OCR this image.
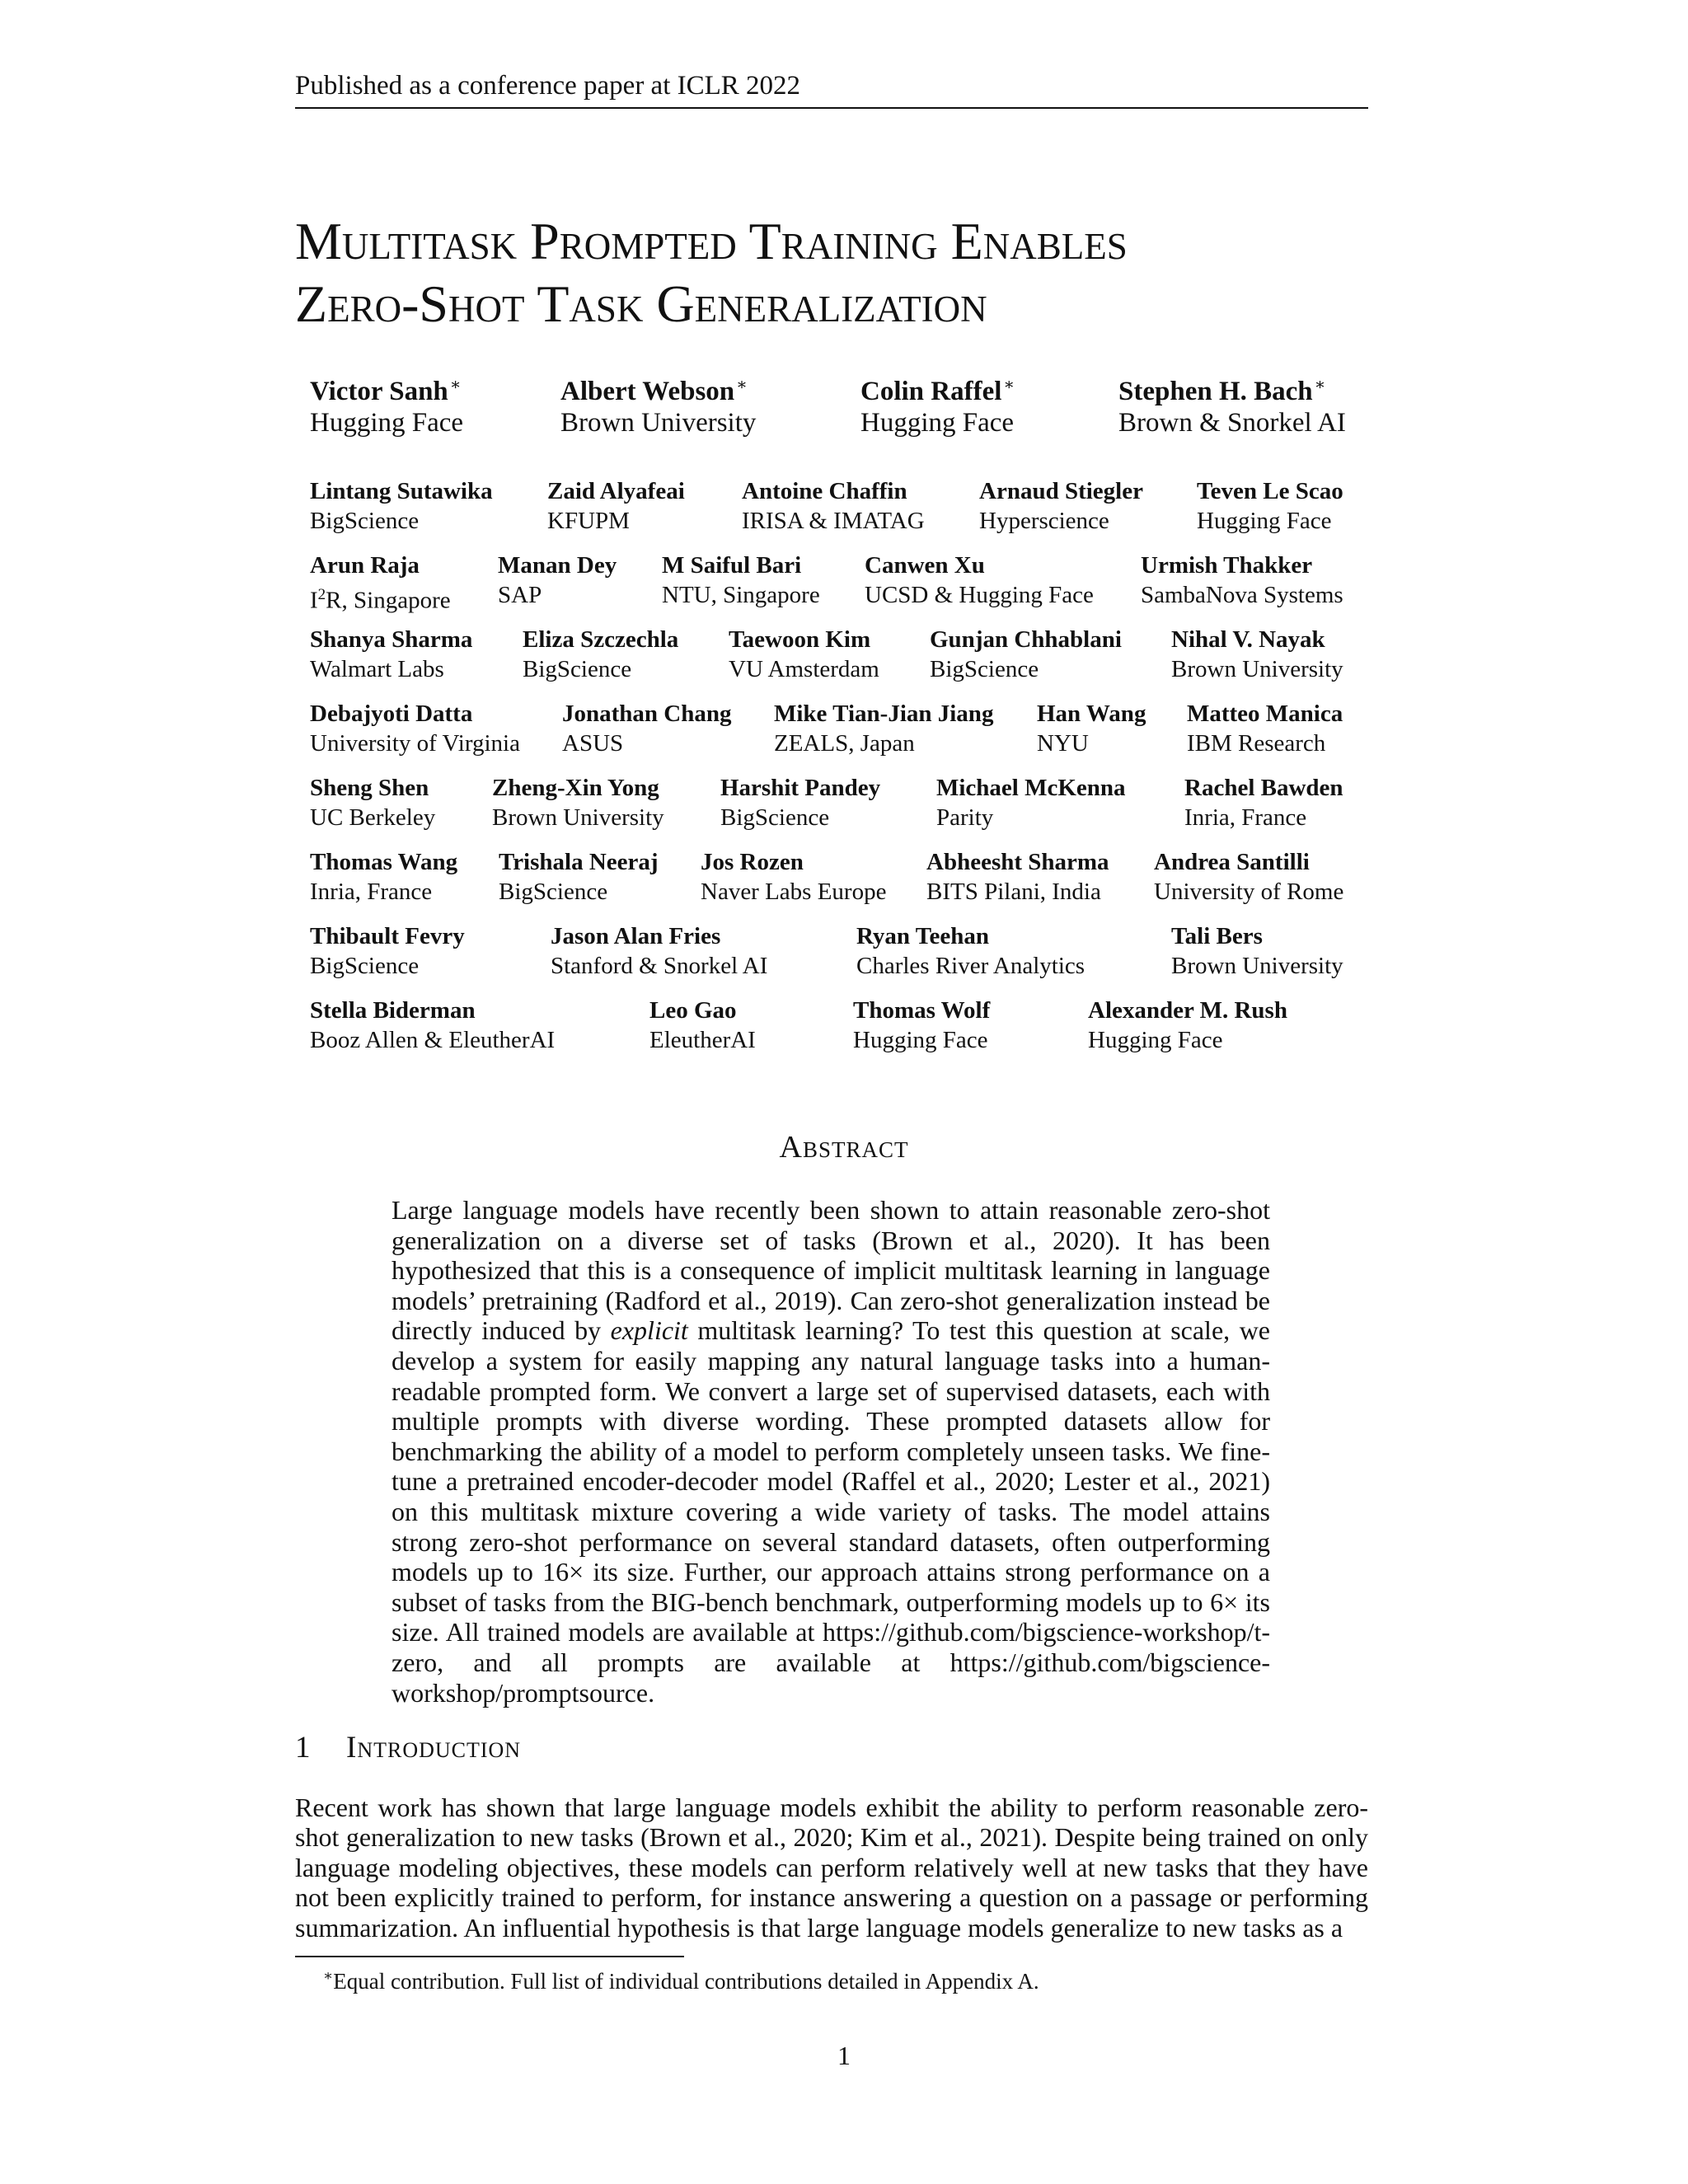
Published as a conference paper at ICLR 2022
Multitask Prompted Training Enables
Zero-Shot Task Generalization
Victor Sanh ∗
Hugging Face
Albert Webson ∗
Brown University
Colin Raffel ∗
Hugging Face
Stephen H. Bach ∗
Brown & Snorkel AI
Lintang Sutawika
BigScience
Zaid Alyafeai
KFUPM
Antoine Chaffin
IRISA & IMATAG
Arnaud Stiegler
Hyperscience
Teven Le Scao
Hugging Face
Arun Raja
$I^2R$, Singapore
Manan Dey
SAP
M Saiful Bari
NTU, Singapore
Canwen Xu
UCSD & Hugging Face
Urmish Thakker
SambaNova Systems
Shanya Sharma
Walmart Labs
Eliza Szczechla
BigScience
Taewoon Kim
VU Amsterdam
Gunjan Chhablani
BigScience
Nihal V. Nayak
Brown University
Debajyoti Datta
University of Virginia
Jonathan Chang
ASUS
Mike Tian-Jian Jiang
ZEALS, Japan
Han Wang
NYU
Matteo Manica
IBM Research
Sheng Shen
UC Berkeley
Zheng-Xin Yong
Brown University
Harshit Pandey
BigScience
Michael McKenna
Parity
Rachel Bawden
Inria, France
Thomas Wang
Inria, France
Trishala Neeraj
BigScience
Jos Rozen
Naver Labs Europe
Abheesht Sharma
BITS Pilani, India
Andrea Santilli
University of Rome
Thibault Fevry
BigScience
Jason Alan Fries
Stanford & Snorkel AI
Ryan Teehan
Charles River Analytics
Tali Bers
Brown University
Stella Biderman
Booz Allen & EleutherAI
Leo Gao
EleutherAI
Thomas Wolf
Hugging Face
Alexander M. Rush
Hugging Face
Abstract
Large language models have recently been shown to attain reasonable zero-shot generalization on a diverse set of tasks (Brown et al., 2020). It has been hypothesized that this is a consequence of implicit multitask learning in language models’ pretraining (Radford et al., 2019). Can zero-shot generalization instead be directly induced by explicit multitask learning? To test this question at scale, we develop a system for easily mapping any natural language tasks into a human-readable prompted form. We convert a large set of supervised datasets, each with multiple prompts with diverse wording. These prompted datasets allow for benchmarking the ability of a model to perform completely unseen tasks. We fine-tune a pretrained encoder-decoder model (Raffel et al., 2020; Lester et al., 2021) on this multitask mixture covering a wide variety of tasks. The model attains strong zero-shot performance on several standard datasets, often outperforming models up to 16× its size. Further, our approach attains strong performance on a subset of tasks from the BIG-bench benchmark, outperforming models up to 6× its size. All trained models are available at https://github.com/bigscience-workshop/t-zero, and all prompts are available at https://github.com/bigscience-workshop/promptsource.
1 Introduction
Recent work has shown that large language models exhibit the ability to perform reasonable zero-shot generalization to new tasks (Brown et al., 2020; Kim et al., 2021). Despite being trained on only language modeling objectives, these models can perform relatively well at new tasks that they have not been explicitly trained to perform, for instance answering a question on a passage or performing summarization. An influential hypothesis is that large language models generalize to new tasks as a
∗Equal contribution. Full list of individual contributions detailed in Appendix A.
1
